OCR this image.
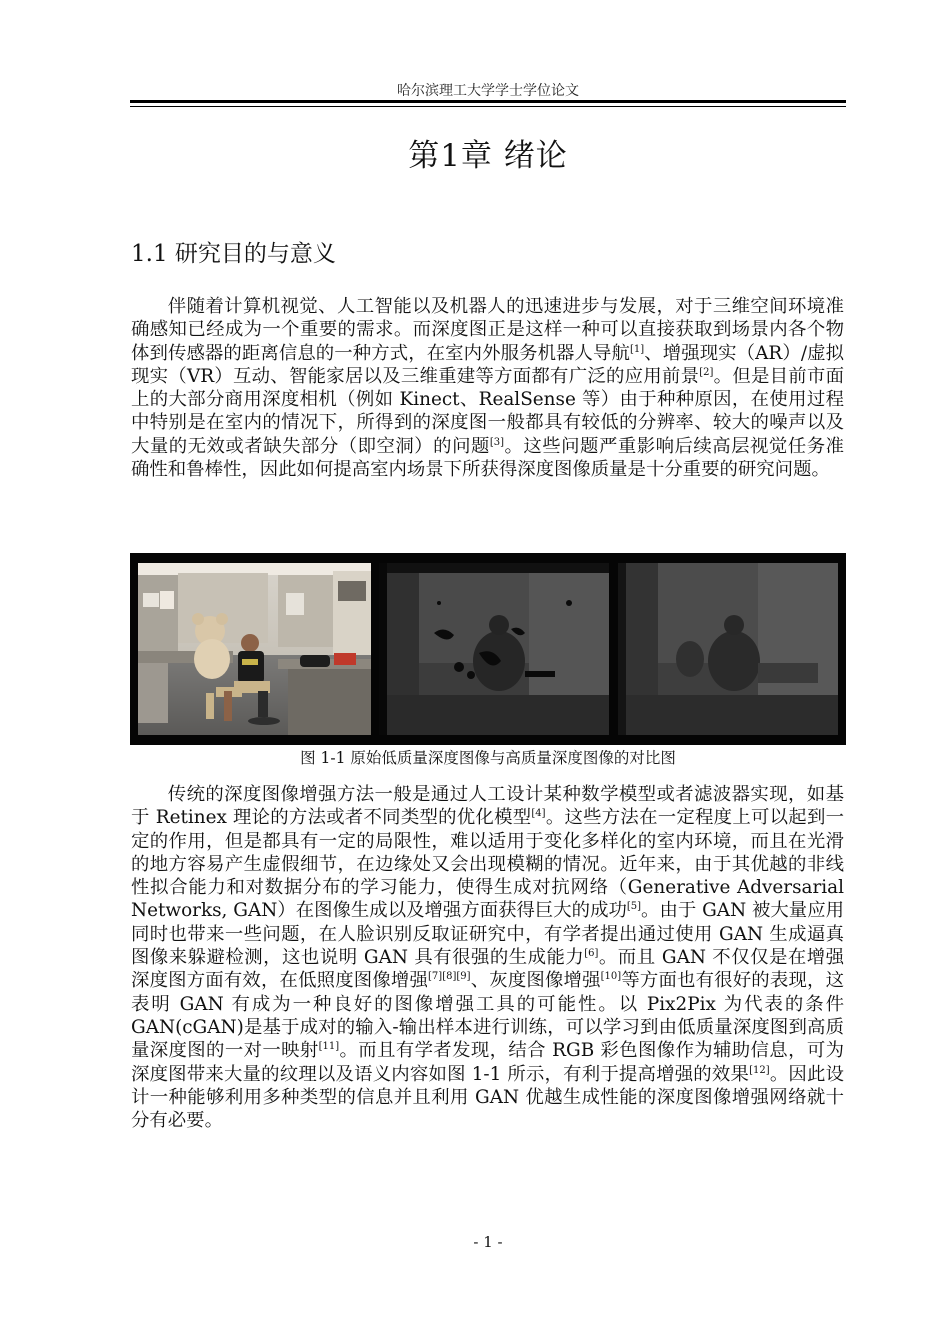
哈尔滨理工大学学士学位论文
第1章 绪论
1.1 研究目的与意义

伴随着计算机视觉、人工智能以及机器人的迅速进步与发展，对于三维空间环境准确感知已经成为一个重要的需求。而深度图正是这样一种可以直接获取到场景内各个物体到传感器的距离信息的一种方式，在室内外服务机器人导航[1]、增强现实（AR）/虚拟现实（VR）互动、智能家居以及三维重建等方面都有广泛的应用前景[2]。但是目前市面上的大部分商用深度相机（例如 Kinect、RealSense 等）由于种种原因，在使用过程中特别是在室内的情况下，所得到的深度图一般都具有较低的分辨率、较大的噪声以及大量的无效或者缺失部分（即空洞）的问题[3]。这些问题严重影响后续高层视觉任务准确性和鲁棒性，因此如何提高室内场景下所获得深度图像质量是十分重要的研究问题。

图 1-1 原始低质量深度图像与高质量深度图像的对比图

传统的深度图像增强方法一般是通过人工设计某种数学模型或者滤波器实现，如基于 Retinex 理论的方法或者不同类型的优化模型[4]。这些方法在一定程度上可以起到一定的作用，但是都具有一定的局限性，难以适用于变化多样化的室内环境，而且在光滑的地方容易产生虚假细节，在边缘处又会出现模糊的情况。近年来，由于其优越的非线性拟合能力和对数据分布的学习能力，使得生成对抗网络（Generative Adversarial Networks, GAN）在图像生成以及增强方面获得巨大的成功[5]。由于 GAN 被大量应用同时也带来一些问题，在人脸识别反取证研究中，有学者提出通过使用 GAN 生成逼真图像来躲避检测，这也说明 GAN 具有很强的生成能力[6]。而且 GAN 不仅仅是在增强深度图方面有效，在低照度图像增强[7][8][9]、灰度图像增强[10]等方面也有很好的表现，这表明 GAN 有成为一种良好的图像增强工具的可能性。以 Pix2Pix 为代表的条件 GAN(cGAN)是基于成对的输入-输出样本进行训练，可以学习到由低质量深度图到高质量深度图的一对一映射[11]。而且有学者发现，结合 RGB 彩色图像作为辅助信息，可为深度图带来大量的纹理以及语义内容如图 1-1 所示，有利于提高增强的效果[12]。因此设计一种能够利用多种类型的信息并且利用 GAN 优越生成性能的深度图像增强网络就十分有必要。

- 1 -
